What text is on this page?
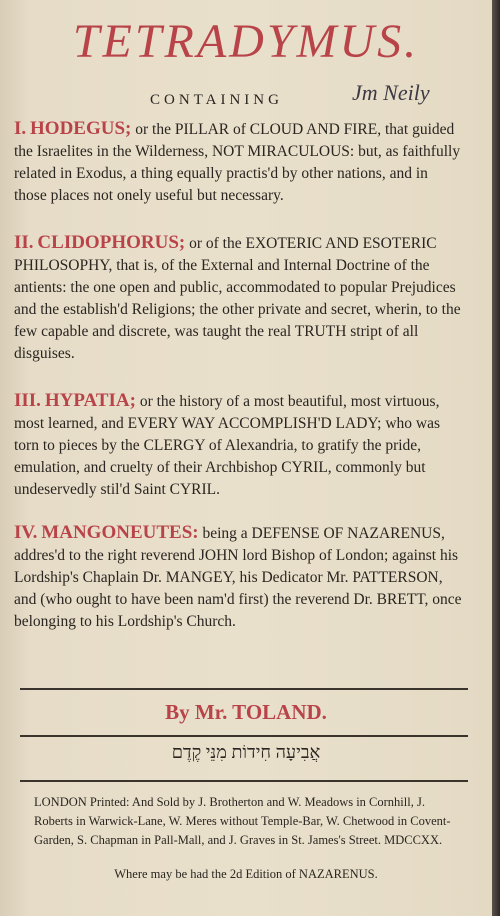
TETRADYMUS.
CONTAINING	Jm Neily
I. HODEGUS; or the PILLAR of CLOUD AND FIRE, that guided the Israelites in the Wilderness, NOT MIRACULOUS: but, as faithfully related in Exodus, a thing equally practis'd by other nations, and in those places not onely useful but necessary.
II. CLIDOPHORUS; or of the EXOTERIC AND ESOTERIC PHILOSOPHY, that is, of the External and Internal Doctrine of the antients: the one open and public, accommodated to popular Prejudices and the establish'd Religions; the other private and secret, wherin, to the few capable and discrete, was taught the real TRUTH stript of all disguises.
III. HYPATIA; or the history of a most beautiful, most virtuous, most learned, and EVERY WAY ACCOMPLISH'D LADY; who was torn to pieces by the CLERGY of Alexandria, to gratify the pride, emulation, and cruelty of their Archbishop CYRIL, commonly but undeservedly stil'd Saint CYRIL.
IV. MANGONEUTES: being a DEFENSE OF NAZARENUS, addres'd to the right reverend JOHN lord Bishop of London; against his Lordship's Chaplain Dr. MANGEY, his Dedicator Mr. PATTERSON, and (who ought to have been nam'd first) the reverend Dr. BRETT, once belonging to his Lordship's Church.
By Mr. TOLAND.
אֲבִיעָה חִידוֹת מִנֵּי קֶדֶם
LONDON Printed: And Sold by J. Brotherton and W. Meadows in Cornhill, J. Roberts in Warwick-Lane, W. Meres without Temple-Bar, W. Chetwood in Covent-Garden, S. Chapman in Pall-Mall, and J. Graves in St. James's Street. MDCCXX.
Where may be had the 2d Edition of NAZARENUS.
